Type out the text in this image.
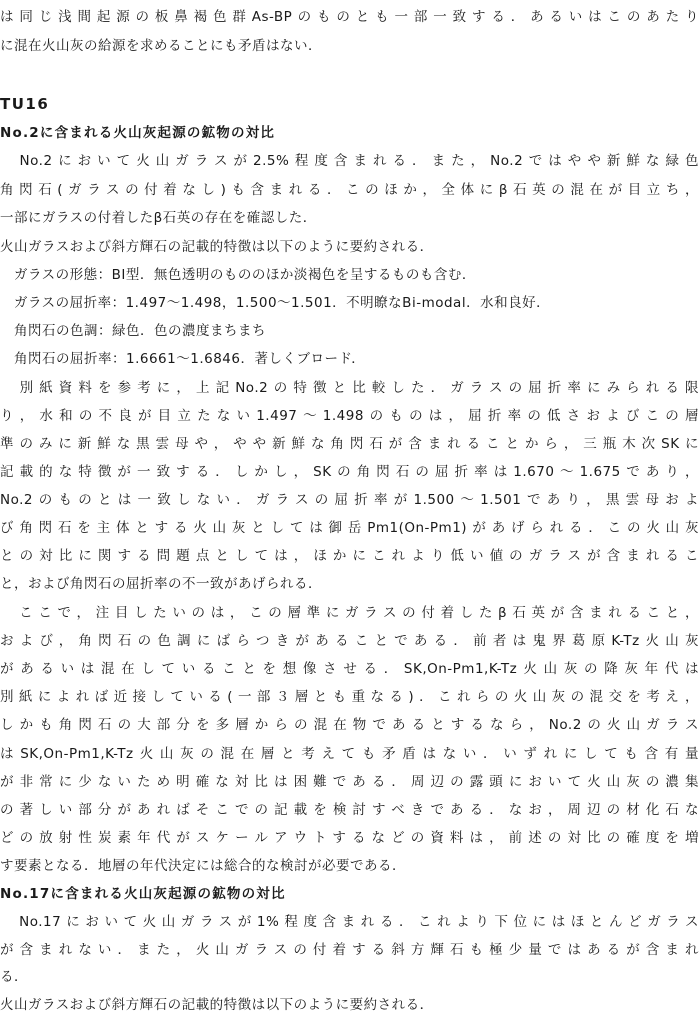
は同じ浅間起源の板鼻褐色群As-BPのものとも一部一致する．あるいはこのあたり
に混在火山灰の給源を求めることにも矛盾はない．
TU16
No.2に含まれる火山灰起源の鉱物の対比
　No.2において火山ガラスが2.5%程度含まれる．また，No.2ではやや新鮮な緑色
角閃石(ガラスの付着なし)も含まれる．このほか，全体にβ石英の混在が目立ち，
一部にガラスの付着したβ石英の存在を確認した．
火山ガラスおよび斜方輝石の記載的特徴は以下のように要約される．
　ガラスの形態：BI型．無色透明のもののほか淡褐色を呈するものも含む．
　ガラスの屈折率：1.497～1.498，1.500～1.501．不明瞭なBi-modal．水和良好．
　角閃石の色調：緑色．色の濃度まちまち
　角閃石の屈折率：1.6661～1.6846．著しくブロード．
　別紙資料を参考に，上記No.2の特徴と比較した．ガラスの屈折率にみられる限
り，水和の不良が目立たない1.497～1.498のものは，屈折率の低さおよびこの層
準のみに新鮮な黒雲母や，やや新鮮な角閃石が含まれることから，三瓶木次SKに
記載的な特徴が一致する．しかし，SKの角閃石の屈折率は1.670～1.675であり，
No.2のものとは一致しない．ガラスの屈折率が1.500～1.501であり，黒雲母およ
び角閃石を主体とする火山灰としては御岳Pm1(On-Pm1)があげられる．この火山灰
との対比に関する問題点としては，ほかにこれより低い値のガラスが含まれるこ
と，および角閃石の屈折率の不一致があげられる．
　ここで，注目したいのは，この層準にガラスの付着したβ石英が含まれること，
および，角閃石の色調にばらつきがあることである．前者は鬼界葛原K-Tz火山灰
があるいは混在していることを想像させる．SK,On-Pm1,K-Tz火山灰の降灰年代は
別紙によれば近接している(一部３層とも重なる)．これらの火山灰の混交を考え，
しかも角閃石の大部分を多層からの混在物であるとするなら，No.2の火山ガラス
はSK,On-Pm1,K-Tz火山灰の混在層と考えても矛盾はない．いずれにしても含有量
が非常に少ないため明確な対比は困難である．周辺の露頭において火山灰の濃集
の著しい部分があればそこでの記載を検討すべきである．なお，周辺の材化石な
どの放射性炭素年代がスケールアウトするなどの資料は，前述の対比の確度を増
す要素となる．地層の年代決定には総合的な検討が必要である．
No.17に含まれる火山灰起源の鉱物の対比
　No.17において火山ガラスが1%程度含まれる．これより下位にはほとんどガラス
が含まれない．また，火山ガラスの付着する斜方輝石も極少量ではあるが含まれ
る．
火山ガラスおよび斜方輝石の記載的特徴は以下のように要約される．
